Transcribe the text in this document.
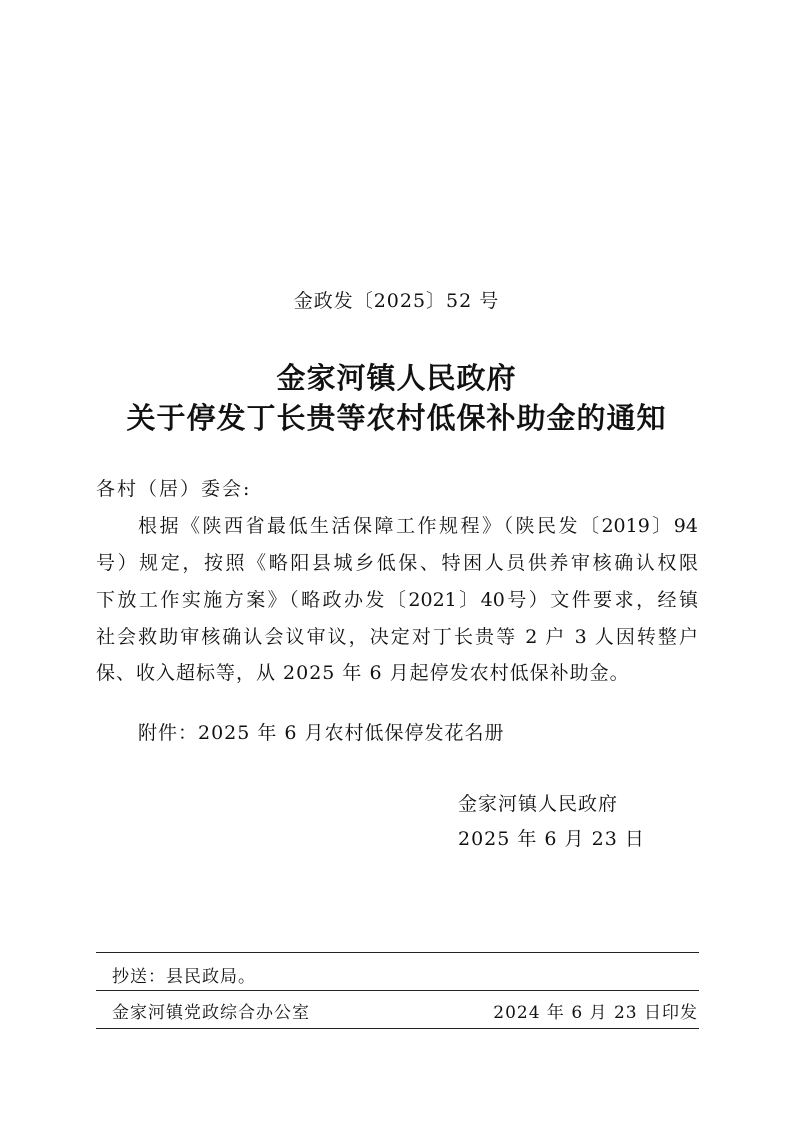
金政发〔2025〕52 号
金家河镇人民政府
关于停发丁长贵等农村低保补助金的通知
各村（居）委会:
根据《陕西省最低生活保障工作规程》（陕民发〔2019〕94
号）规定，按照《略阳县城乡低保、特困人员供养审核确认权限
下放工作实施方案》（略政办发〔2021〕40号）文件要求，经镇
社会救助审核确认会议审议，决定对丁长贵等 2 户 3 人因转整户
保、收入超标等，从 2025 年 6 月起停发农村低保补助金。
附件：2025 年 6 月农村低保停发花名册
金家河镇人民政府
2025 年 6 月 23 日
抄送：县民政局。
金家河镇党政综合办公室	2024 年 6 月 23 日印发
